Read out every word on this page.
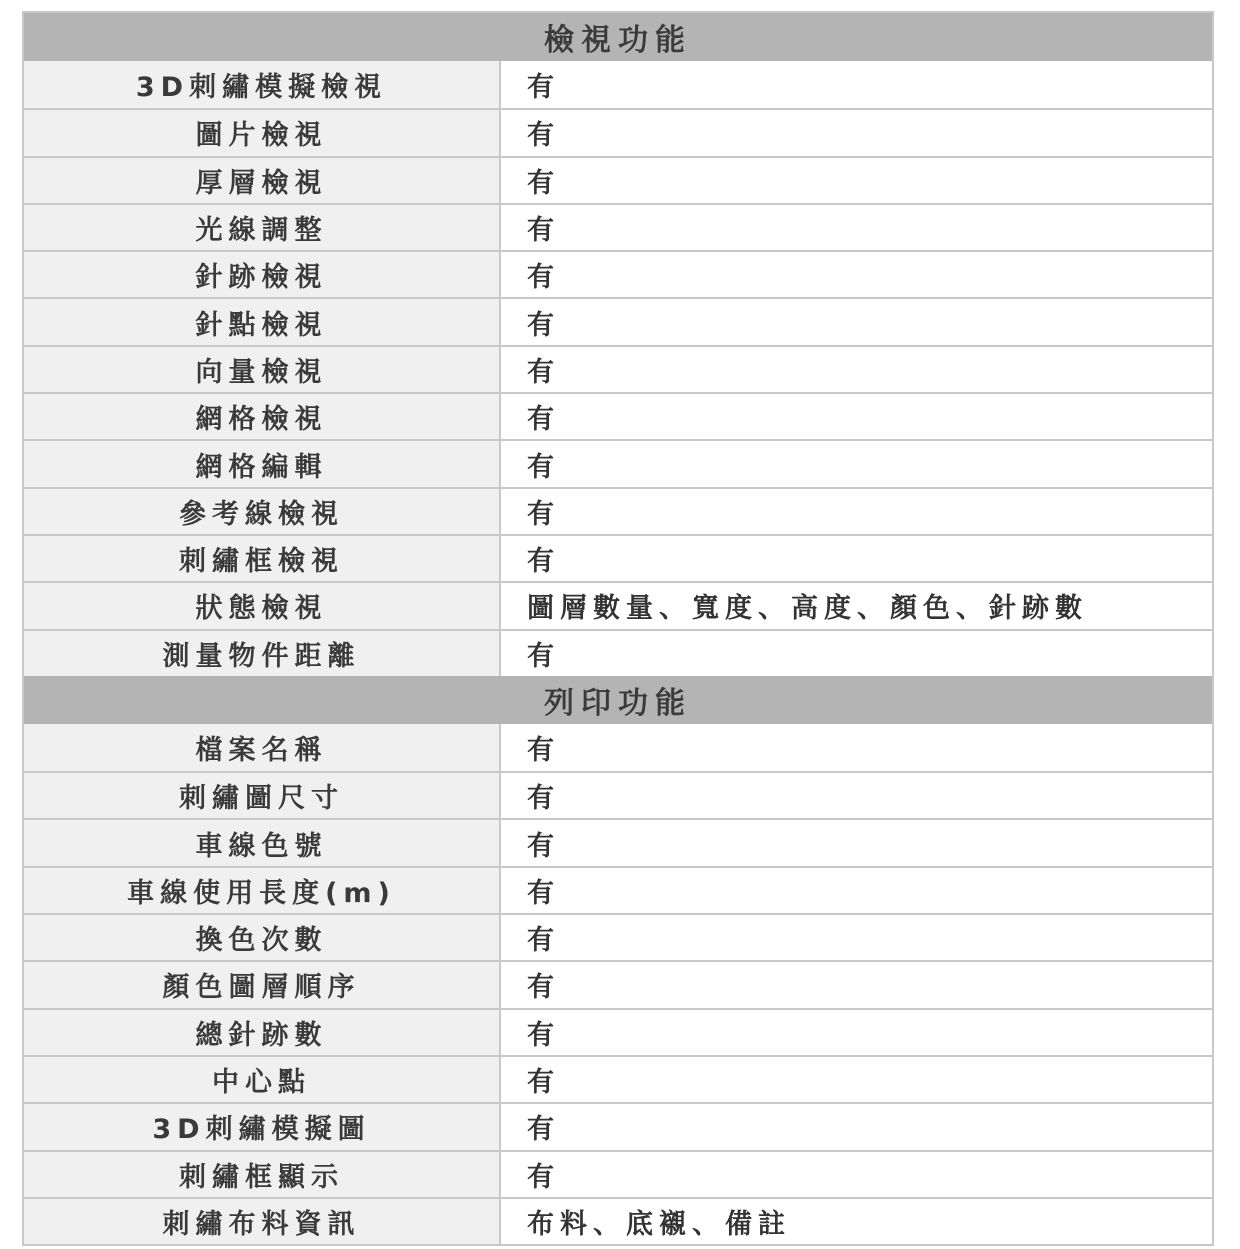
檢視功能
3D刺繡模擬檢視	有
圖片檢視	有
厚層檢視	有
光線調整	有
針跡檢視	有
針點檢視	有
向量檢視	有
網格檢視	有
網格編輯	有
參考線檢視	有
刺繡框檢視	有
狀態檢視	圖層數量、寬度、高度、顏色、針跡數
測量物件距離	有
列印功能
檔案名稱	有
刺繡圖尺寸	有
車線色號	有
車線使用長度(m)	有
換色次數	有
顏色圖層順序	有
總針跡數	有
中心點	有
3D刺繡模擬圖	有
刺繡框顯示	有
刺繡布料資訊	布料、底襯、備註
